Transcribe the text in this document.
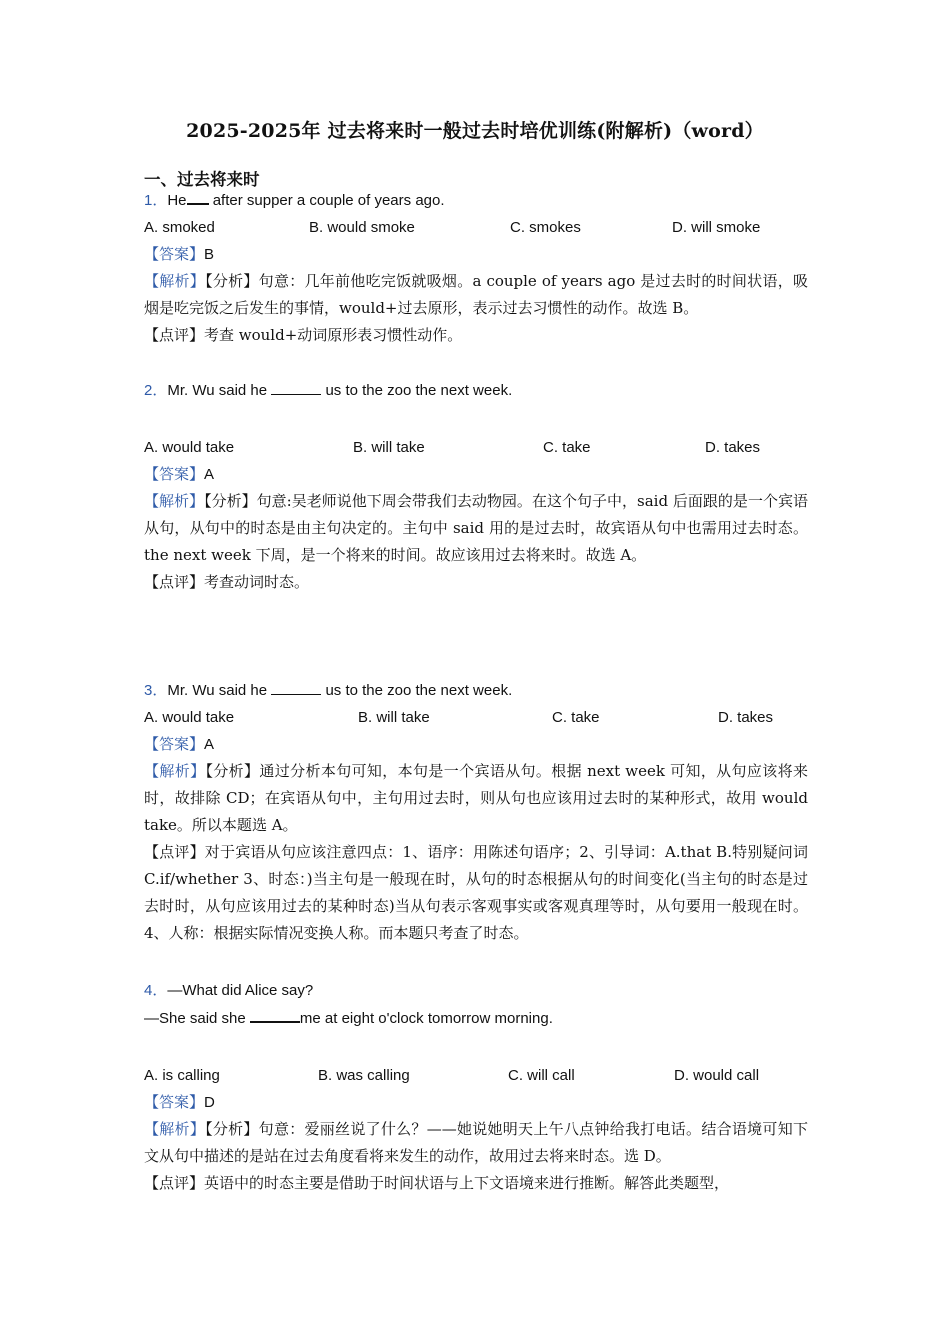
2025-2025年 过去将来时一般过去时培优训练(附解析)（word）
一、过去将来时
1．He after supper a couple of years ago.
A. smoked	B. would smoke	C. smokes	D. will smoke
【答案】B
【解析】【分析】句意：几年前他吃完饭就吸烟。a couple of years ago 是过去时的时间状语，吸烟是吃完饭之后发生的事情，would+过去原形，表示过去习惯性的动作。故选 B。
【点评】考查 would+动词原形表习惯性动作。
2．Mr. Wu said he	us to the zoo the next week.
A. would take	B. will take	C. take	D. takes
【答案】A
【解析】【分析】句意:吴老师说他下周会带我们去动物园。在这个句子中，said 后面跟的是一个宾语从句，从句中的时态是由主句决定的。主句中 said 用的是过去时，故宾语从句中也需用过去时态。the next week 下周，是一个将来的时间。故应该用过去将来时。故选 A。
【点评】考查动词时态。
3．Mr. Wu said he	us to the zoo the next week.
A. would take	B. will take	C. take	D. takes
【答案】A
【解析】【分析】通过分析本句可知，本句是一个宾语从句。根据 next week 可知，从句应该将来时，故排除 CD；在宾语从句中，主句用过去时，则从句也应该用过去时的某种形式，故用 would take。所以本题选 A。
【点评】对于宾语从句应该注意四点：1、语序：用陈述句语序；2、引导词：A.that B.特别疑问词 C.if/whether 3、时态：)当主句是一般现在时，从句的时态根据从句的时间变化(当主句的时态是过去时时，从句应该用过去的某种时态)当从句表示客观事实或客观真理等时，从句要用一般现在时。4、人称：根据实际情况变换人称。而本题只考查了时态。
4．—What did Alice say?
—She said she	me at eight o'clock tomorrow morning.
A. is calling	B. was calling	C. will call	D. would call
【答案】D
【解析】【分析】句意：爱丽丝说了什么？——她说她明天上午八点钟给我打电话。结合语境可知下文从句中描述的是站在过去角度看将来发生的动作，故用过去将来时态。选 D。
【点评】英语中的时态主要是借助于时间状语与上下文语境来进行推断。解答此类题型，
